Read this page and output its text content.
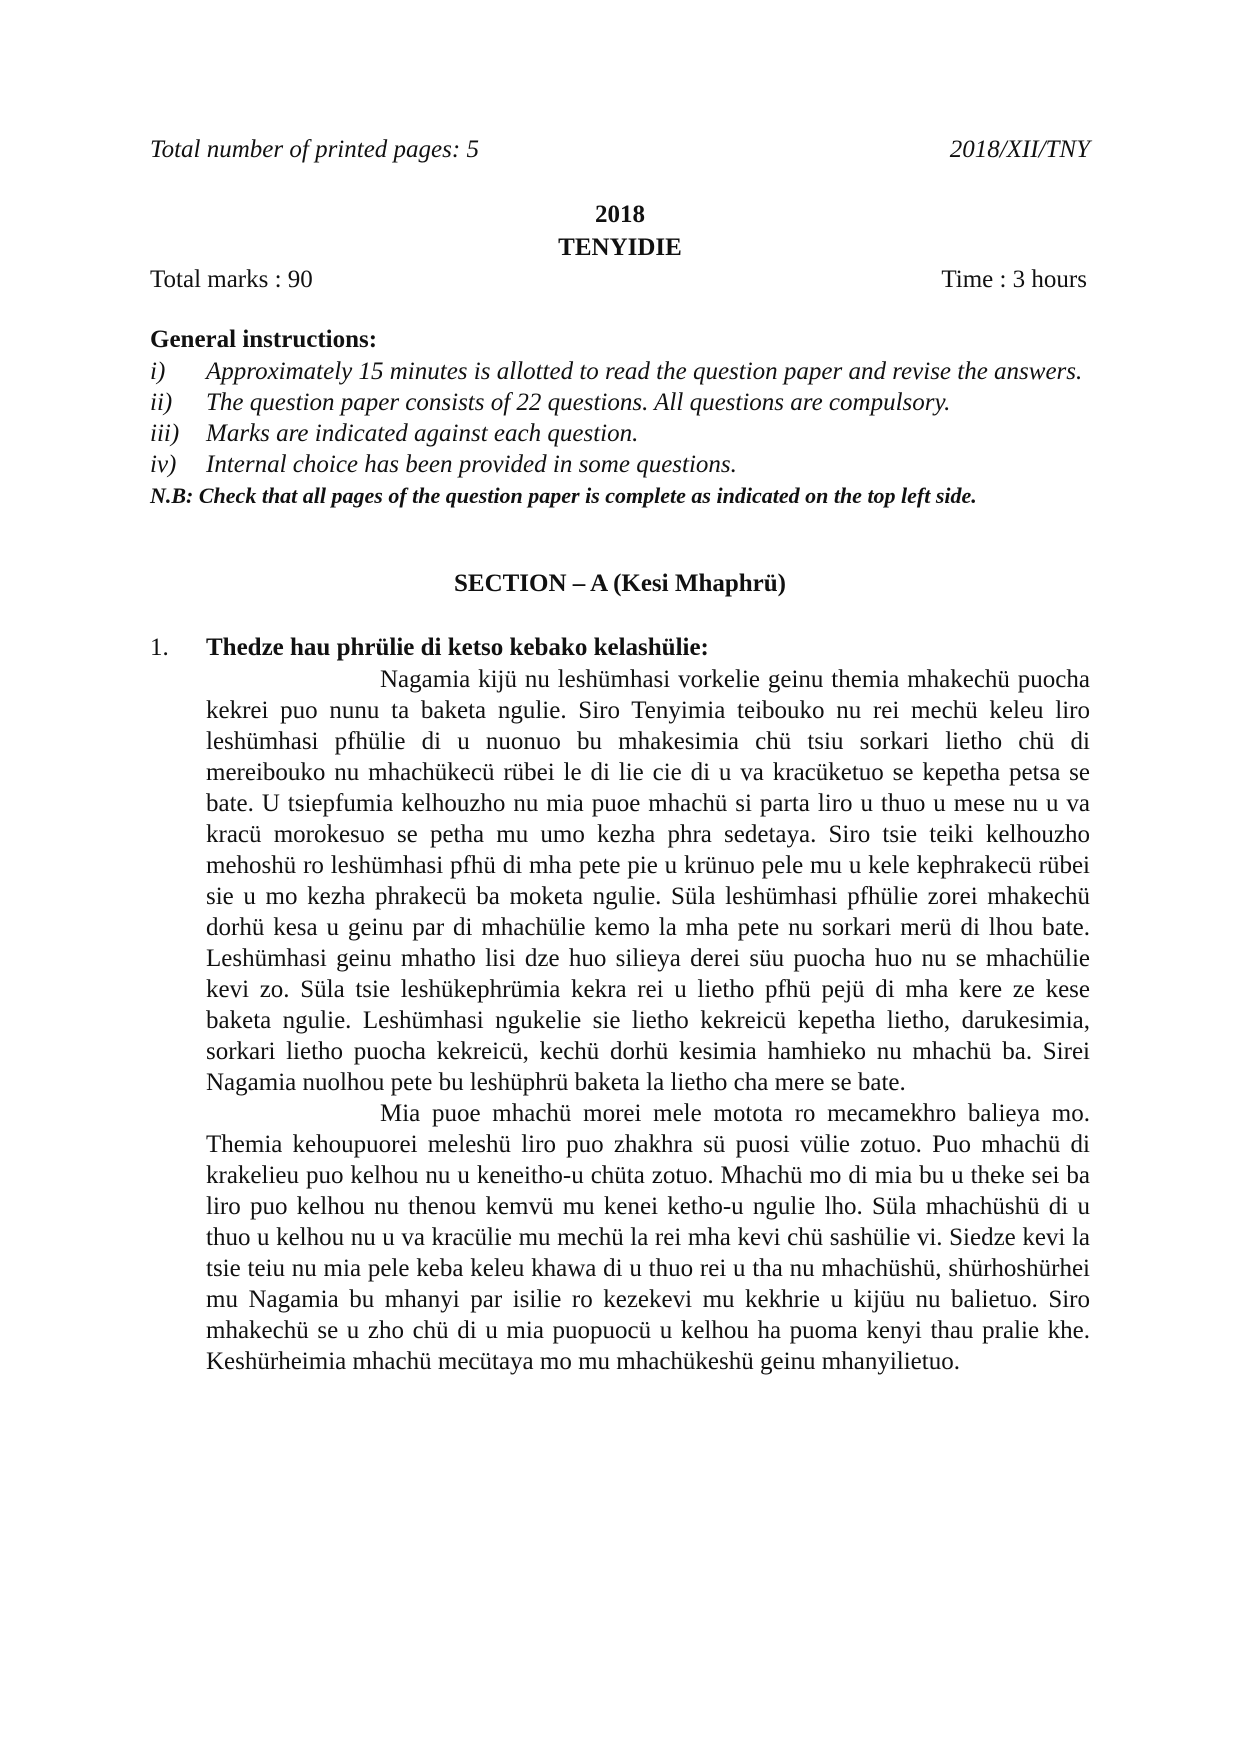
Total number of printed pages: 5	2018/XII/TNY
2018
TENYIDIE
Total marks : 90	Time : 3 hours
General instructions:
i)	Approximately 15 minutes is allotted to read the question paper and revise the answers.
ii)	The question paper consists of 22 questions. All questions are compulsory.
iii)	Marks are indicated against each question.
iv)	Internal choice has been provided in some questions.
N.B: Check that all pages of the question paper is complete as indicated on the top left side.
SECTION – A (Kesi Mhaphrü)
1.	Thedze hau phrülie di ketso kebako kelashülie:

Nagamia kijü nu leshümhasi vorkelie geinu themia mhakechü puocha kekrei puo nunu ta baketa ngulie. Siro Tenyimia teibouko nu rei mechü keleu liro leshümhasi pfhülie di u nuonuo bu mhakesimia chü tsiu sorkari lietho chü di mereibouko nu mhachükecü rübei le di lie cie di u va kracüketuo se kepetha petsa se bate. U tsiepfumia kelhouzho nu mia puoe mhachü si parta liro u thuo u mese nu u va kracü morokesuo se petha mu umo kezha phra sedetaya. Siro tsie teiki kelhouzho mehoshü ro leshümhasi pfhü di mha pete pie u krünuo pele mu u kele kephrakecü rübei sie u mo kezha phrakecü ba moketa ngulie. Süla leshümhasi pfhülie zorei mhakechü dorhü kesa u geinu par di mhachülie kemo la mha pete nu sorkari merü di lhou bate. Leshümhasi geinu mhatho lisi dze huo silieya derei süu puocha huo nu se mhachülie kevi zo. Süla tsie leshükephrümia kekra rei u lietho pfhü pejü di mha kere ze kese baketa ngulie. Leshümhasi ngukelie sie lietho kekreicü kepetha lietho, darukesimia, sorkari lietho puocha kekreicü, kechü dorhü kesimia hamhieko nu mhachü ba. Sirei Nagamia nuolhou pete bu leshüphrü baketa la lietho cha mere se bate.

Mia puoe mhachü morei mele motota ro mecamekhro balieya mo. Themia kehoupuorei meleshü liro puo zhakhra sü puosi vülie zotuo. Puo mhachü di krakelieu puo kelhou nu u keneitho-u chüta zotuo. Mhachü mo di mia bu u theke sei ba liro puo kelhou nu thenou kemvü mu kenei ketho-u ngulie lho. Süla mhachüshü di u thuo u kelhou nu u va kracülie mu mechü la rei mha kevi chü sashülie vi. Siedze kevi la tsie teiu nu mia pele keba keleu khawa di u thuo rei u tha nu mhachüshü, shürhoshürhei mu Nagamia bu mhanyi par isilie ro kezekevi mu kekhrie u kijüu nu balietuo. Siro mhakechü se u zho chü di u mia puopuocü u kelhou ha puoma kenyi thau pralie khe. Keshürheimia mhachü mecütaya mo mu mhachükeshü geinu mhanyilietuo.
